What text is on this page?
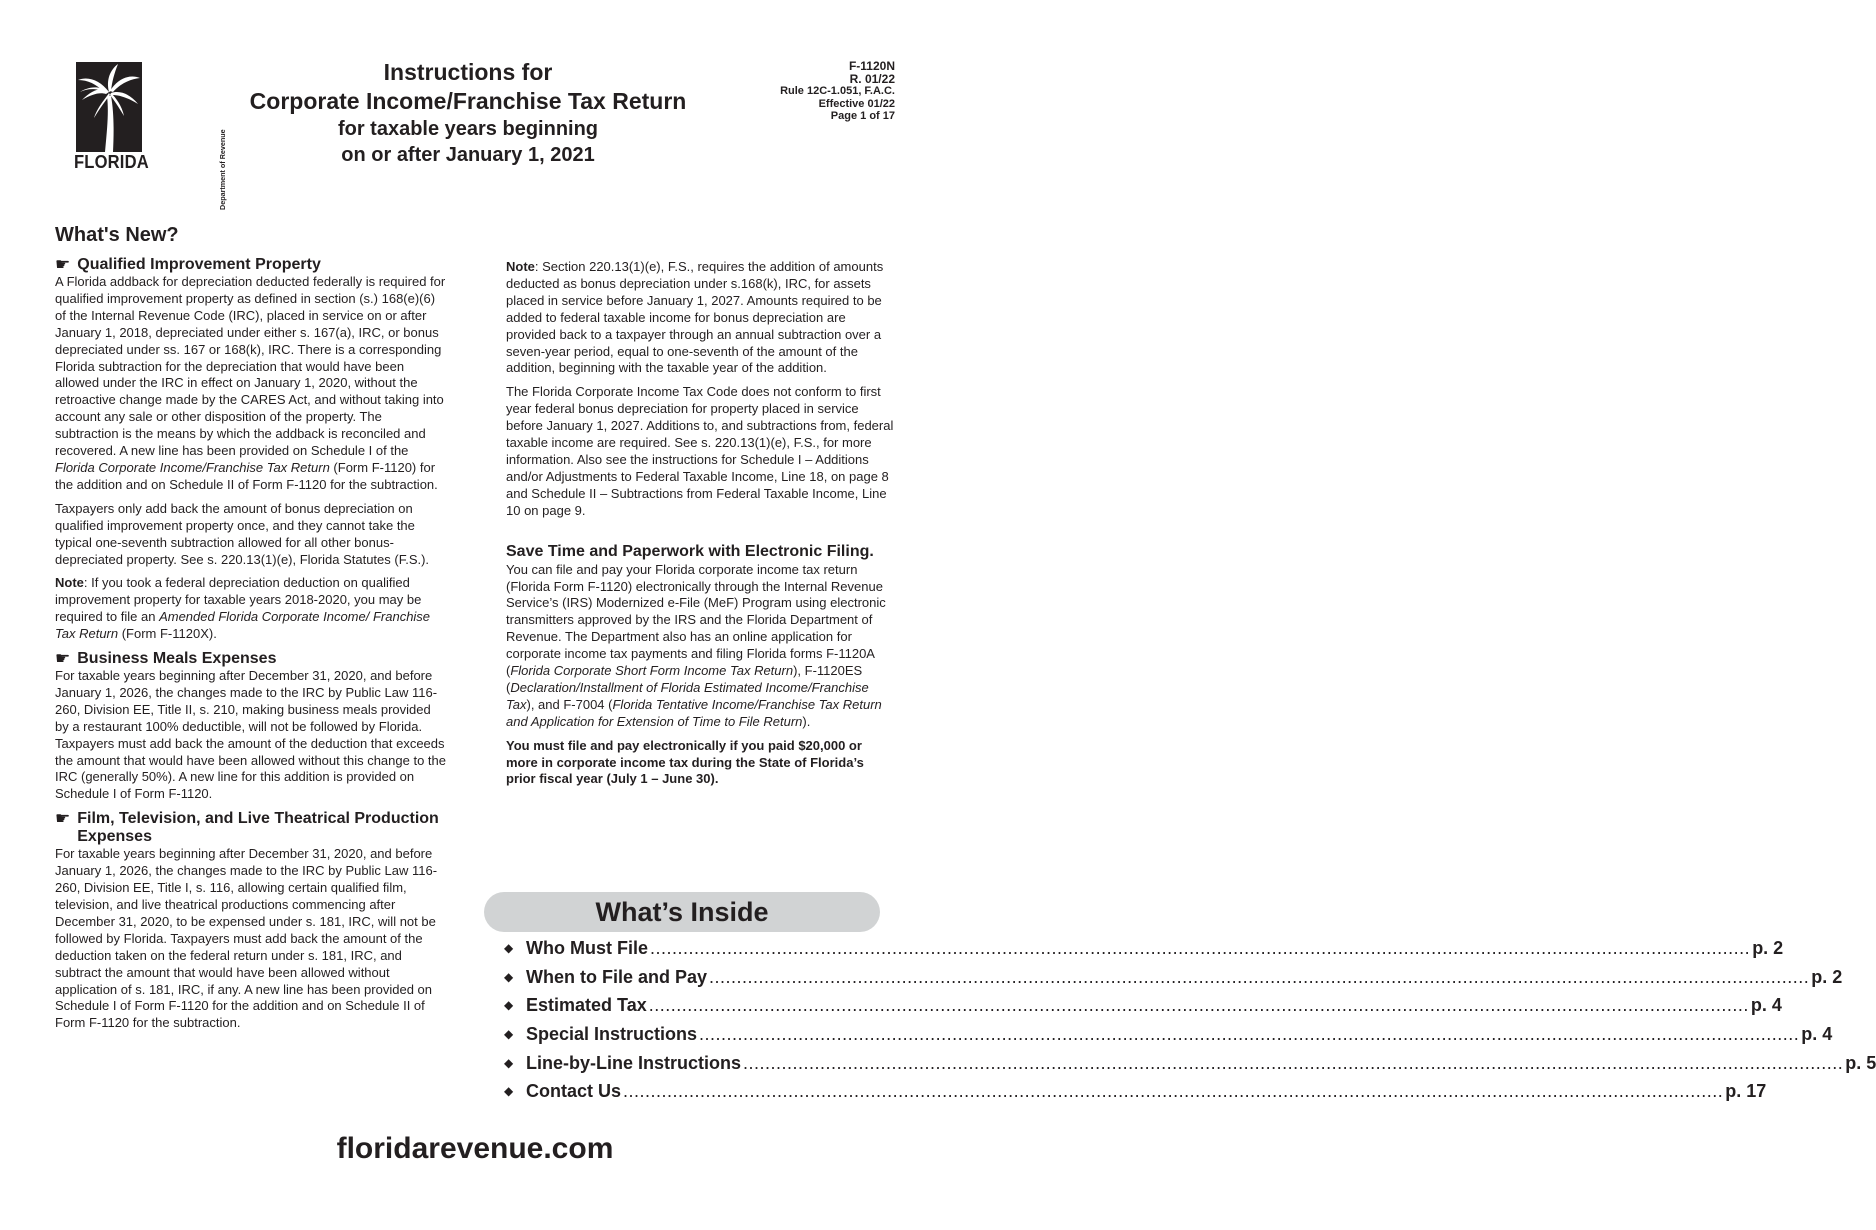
Department of Revenue
FLORIDA
Instructions for
Corporate Income/Franchise Tax Return
for taxable years beginning
on or after January 1, 2021
F-1120N
R. 01/22
Rule 12C-1.051, F.A.C.
Effective 01/22
Page 1 of 17
What's New?
☛ Qualified Improvement Property

A Florida addback for depreciation deducted federally is required for qualified improvement property as defined in section (s.) 168(e)(6) of the Internal Revenue Code (IRC), placed in service on or after January 1, 2018, depreciated under either s. 167(a), IRC, or bonus depreciated under ss. 167 or 168(k), IRC. There is a corresponding Florida subtraction for the depreciation that would have been allowed under the IRC in effect on January 1, 2020, without the retroactive change made by the CARES Act, and without taking into account any sale or other disposition of the property. The subtraction is the means by which the addback is reconciled and recovered. A new line has been provided on Schedule I of the Florida Corporate Income/Franchise Tax Return (Form F-1120) for the addition and on Schedule II of Form F-1120 for the subtraction.

Taxpayers only add back the amount of bonus depreciation on qualified improvement property once, and they cannot take the typical one-seventh subtraction allowed for all other bonus-depreciated property. See s. 220.13(1)(e), Florida Statutes (F.S.).

Note: If you took a federal depreciation deduction on qualified improvement property for taxable years 2018-2020, you may be required to file an Amended Florida Corporate Income/ Franchise Tax Return (Form F-1120X).

☛ Business Meals Expenses

For taxable years beginning after December 31, 2020, and before January 1, 2026, the changes made to the IRC by Public Law 116-260, Division EE, Title II, s. 210, making business meals provided by a restaurant 100% deductible, will not be followed by Florida. Taxpayers must add back the amount of the deduction that exceeds the amount that would have been allowed without this change to the IRC (generally 50%). A new line for this addition is provided on Schedule I of Form F-1120.

☛ Film, Television, and Live Theatrical Production Expenses

For taxable years beginning after December 31, 2020, and before January 1, 2026, the changes made to the IRC by Public Law 116-260, Division EE, Title I, s. 116, allowing certain qualified film, television, and live theatrical productions commencing after December 31, 2020, to be expensed under s. 181, IRC, will not be followed by Florida. Taxpayers must add back the amount of the deduction taken on the federal return under s. 181, IRC, and subtract the amount that would have been allowed without application of s. 181, IRC, if any. A new line has been provided on Schedule I of Form F-1120 for the addition and on Schedule II of Form F-1120 for the subtraction.

Note: Section 220.13(1)(e), F.S., requires the addition of amounts deducted as bonus depreciation under s.168(k), IRC, for assets placed in service before January 1, 2027. Amounts required to be added to federal taxable income for bonus depreciation are provided back to a taxpayer through an annual subtraction over a seven-year period, equal to one-seventh of the amount of the addition, beginning with the taxable year of the addition.

The Florida Corporate Income Tax Code does not conform to first year federal bonus depreciation for property placed in service before January 1, 2027. Additions to, and subtractions from, federal taxable income are required. See s. 220.13(1)(e), F.S., for more information. Also see the instructions for Schedule I – Additions and/or Adjustments to Federal Taxable Income, Line 18, on page 8 and Schedule II – Subtractions from Federal Taxable Income, Line 10 on page 9.

Save Time and Paperwork with Electronic Filing.

You can file and pay your Florida corporate income tax return (Florida Form F-1120) electronically through the Internal Revenue Service’s (IRS) Modernized e-File (MeF) Program using electronic transmitters approved by the IRS and the Florida Department of Revenue. The Department also has an online application for corporate income tax payments and filing Florida forms F-1120A (Florida Corporate Short Form Income Tax Return), F-1120ES (Declaration/Installment of Florida Estimated Income/Franchise Tax), and F-7004 (Florida Tentative Income/Franchise Tax Return and Application for Extension of Time to File Return).

You must file and pay electronically if you paid $20,000 or more in corporate income tax during the State of Florida’s prior fiscal year (July 1 – June 30).

What’s Inside
◆ Who Must File ........................................................................................................................................................................................................ p. 2
◆ When to File and Pay ........................................................................................................................................................................................................ p. 2
◆ Estimated Tax ........................................................................................................................................................................................................ p. 4
◆ Special Instructions ........................................................................................................................................................................................................ p. 4
◆ Line-by-Line Instructions ........................................................................................................................................................................................................ p. 5
◆ Contact Us ........................................................................................................................................................................................................ p. 17
floridarevenue.com
